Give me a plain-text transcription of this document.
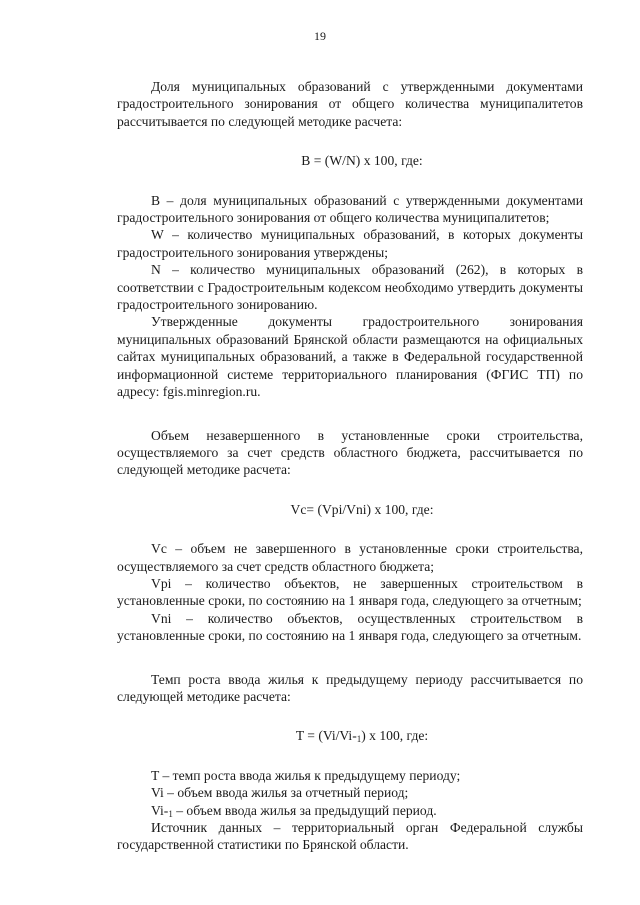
19

Доля муниципальных образований с утвержденными документами градостроительного зонирования от общего количества муниципалитетов рассчитывается по следующей методике расчета:

B = (W/N) x 100, где:

B – доля муниципальных образований с утвержденными документами градостроительного зонирования от общего количества муниципалитетов;

W – количество муниципальных образований, в которых документы градостроительного зонирования утверждены;

N – количество муниципальных образований (262), в которых в соответствии с Градостроительным кодексом необходимо утвердить документы градостроительного зонированию.

Утвержденные документы градостроительного зонирования муниципальных образований Брянской области размещаются на официальных сайтах муниципальных образований, а также в Федеральной государственной информационной системе территориального планирования (ФГИС ТП) по адресу: fgis.minregion.ru.

Объем незавершенного в установленные сроки строительства, осуществляемого за счет средств областного бюджета, рассчитывается по следующей методике расчета:

Vc= (Vpi/Vni) x 100, где:

Vc – объем не завершенного в установленные сроки строительства, осуществляемого за счет средств областного бюджета;

Vpi – количество объектов, не завершенных строительством в установленные сроки, по состоянию на 1 января года, следующего за отчетным;

Vni – количество объектов, осуществленных строительством в установленные сроки, по состоянию на 1 января года, следующего за отчетным.

Темп роста ввода жилья к предыдущему периоду рассчитывается по следующей методике расчета:

$T = (Vi/Vi-_1)$ x 100, где:

T – темп роста ввода жилья к предыдущему периоду;

Vi – объем ввода жилья за отчетный период;

$Vi-_1$ – объем ввода жилья за предыдущий период.

Источник данных – территориальный орган Федеральной службы государственной статистики по Брянской области.
